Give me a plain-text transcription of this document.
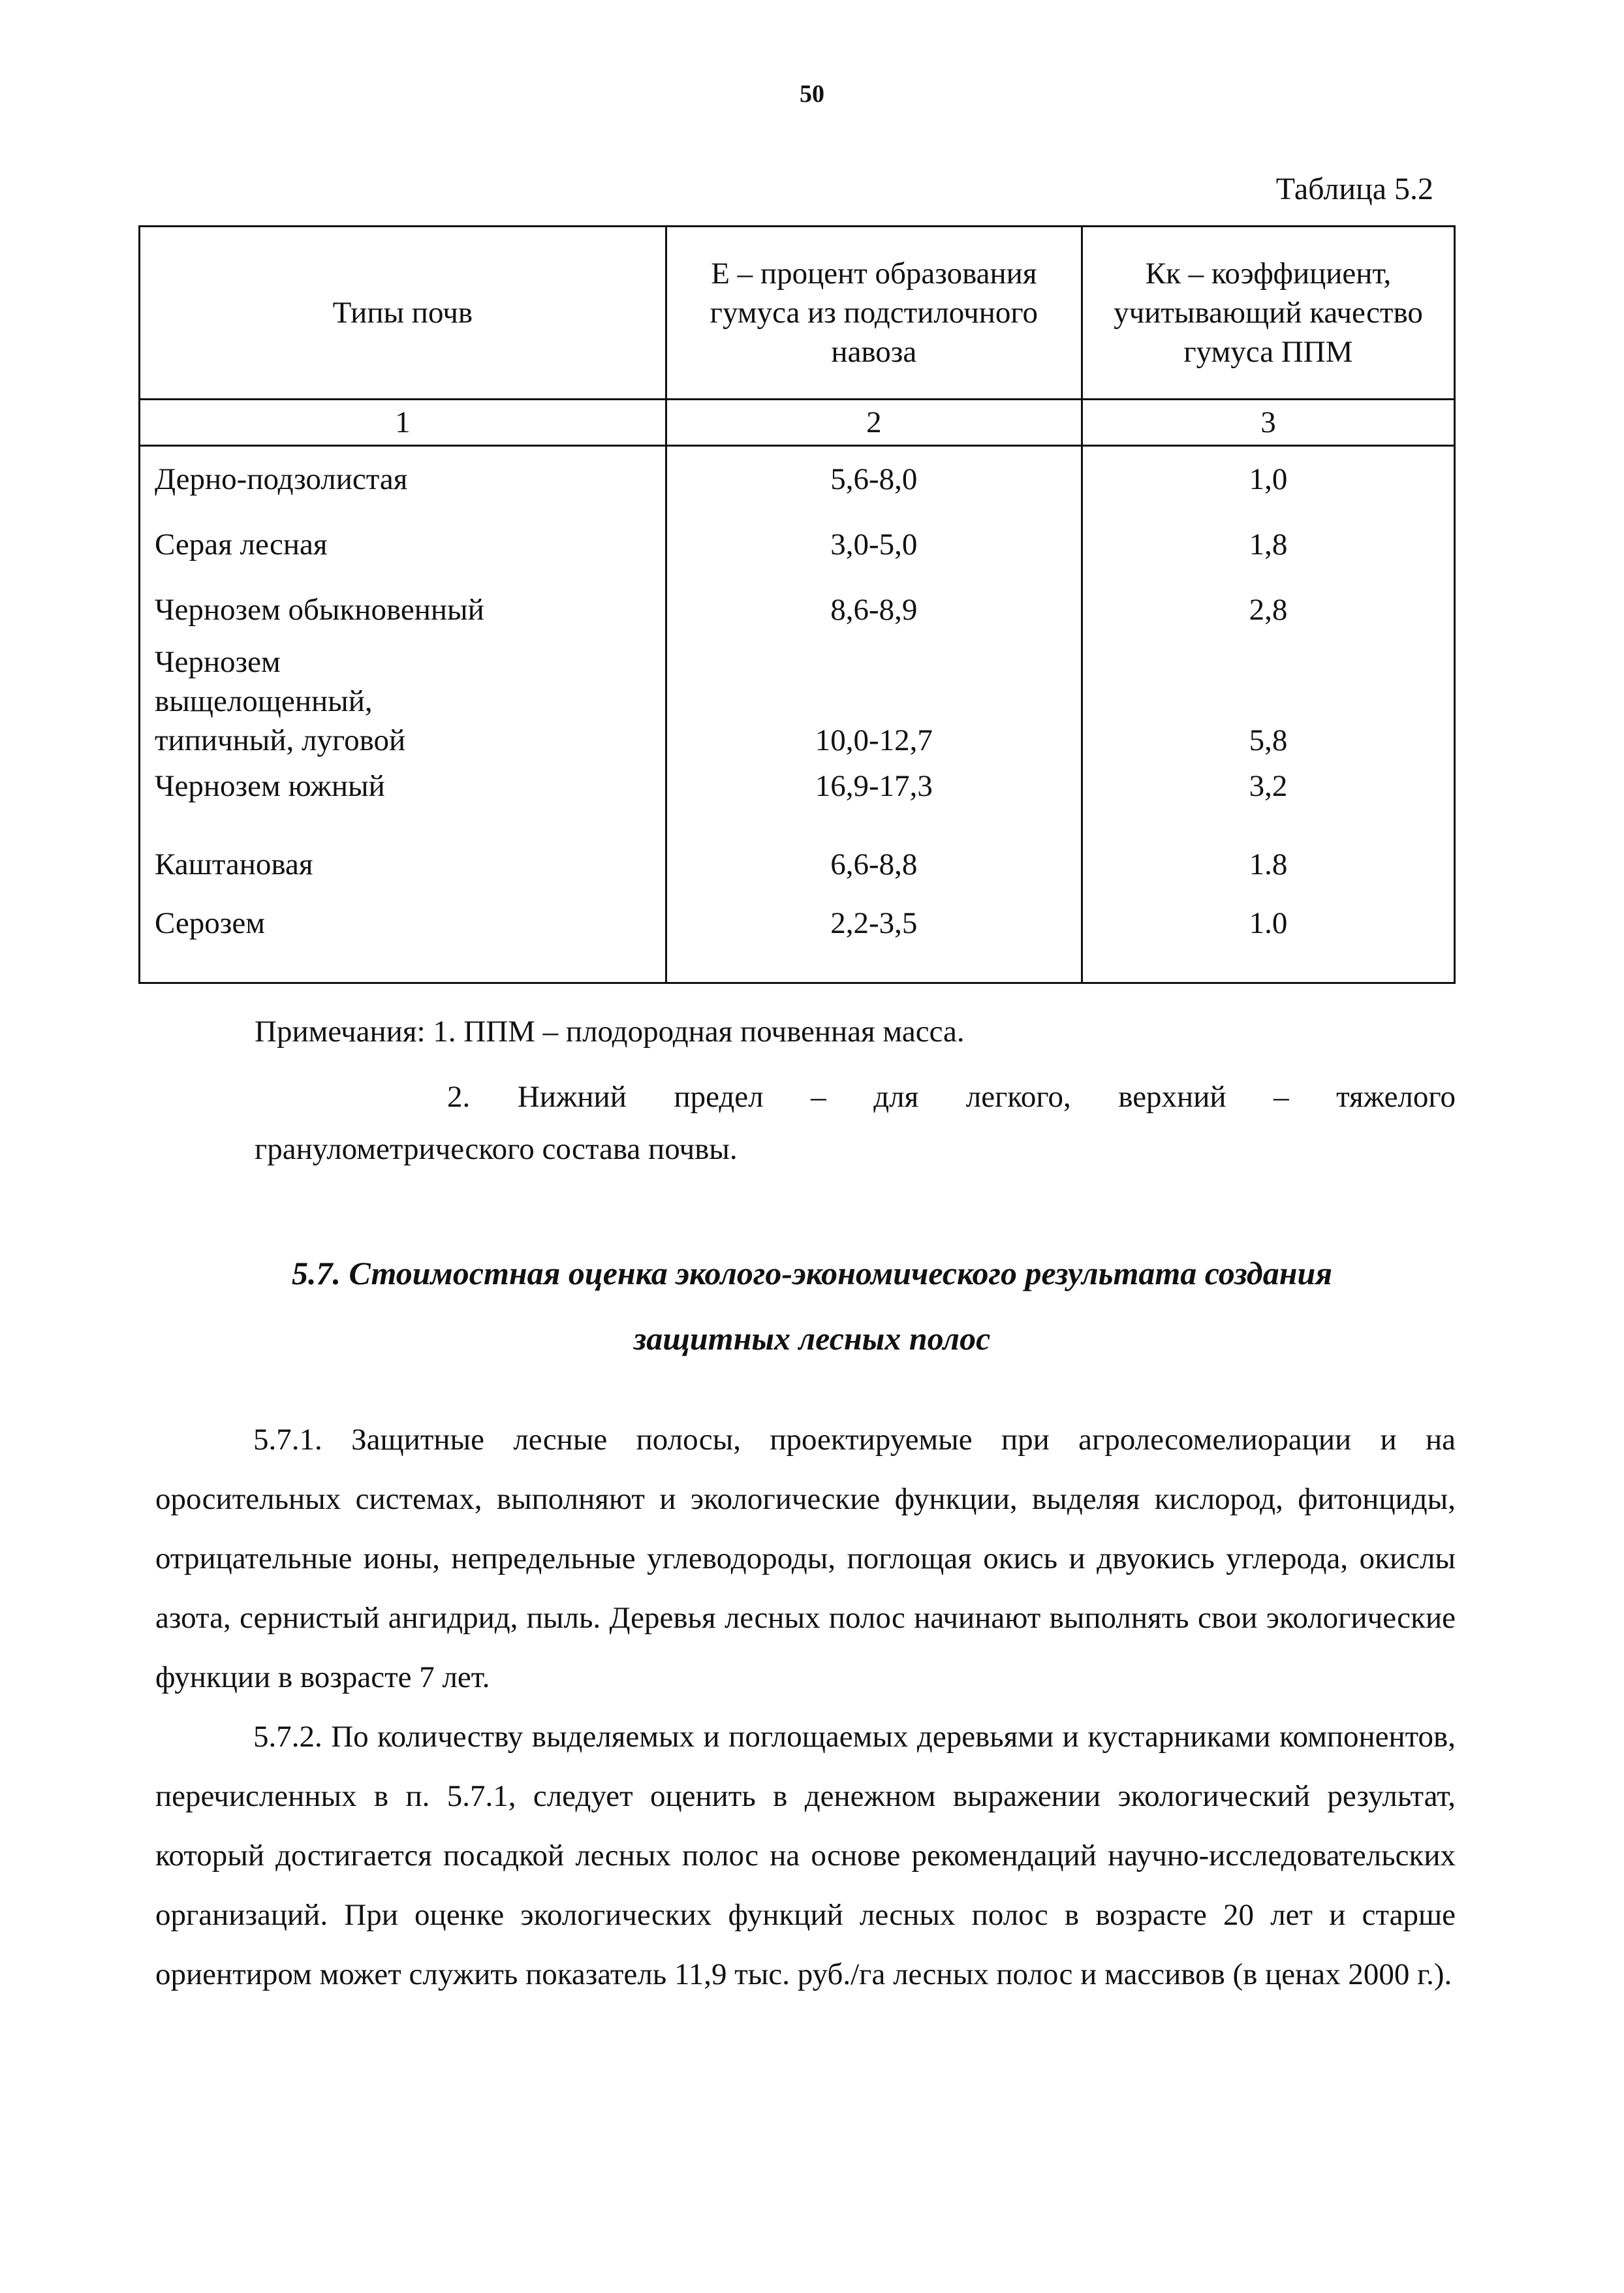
50
Таблица 5.2
Типы почв	Е – процент образования гумуса из подстилочного навоза	Кк – коэффициент, учитывающий качество гумуса ППМ
1	2	3
Дерно-подзолистая	5,6-8,0	1,0
Серая лесная	3,0-5,0	1,8
Чернозем обыкновенный	8,6-8,9	2,8
Чернозем выщелощенный, типичный, луговой	10,0-12,7	5,8
Чернозем южный	16,9-17,3	3,2
Каштановая	6,6-8,8	1.8
Серозем	2,2-3,5	1.0
Примечания: 1. ППМ – плодородная почвенная масса.
2. Нижний предел – для легкого, верхний – тяжелого
гранулометрического состава почвы.
5.7. Стоимостная оценка эколого-экономического результата создания
защитных лесных полос
5.7.1. Защитные лесные полосы, проектируемые при агролесомелиорации и на оросительных системах, выполняют и экологические функции, выделяя кислород, фитонциды, отрицательные ионы, непредельные углеводороды, поглощая окись и двуокись углерода, окислы азота, сернистый ангидрид, пыль. Деревья лесных полос начинают выполнять свои экологические функции в возрасте 7 лет.
5.7.2. По количеству выделяемых и поглощаемых деревьями и кустарниками компонентов, перечисленных в п. 5.7.1, следует оценить в денежном выражении экологический результат, который достигается посадкой лесных полос на основе рекомендаций научно-исследовательских организаций. При оценке экологических функций лесных полос в возрасте 20 лет и старше ориентиром может служить показатель 11,9 тыс. руб./га лесных полос и массивов (в ценах 2000 г.).
